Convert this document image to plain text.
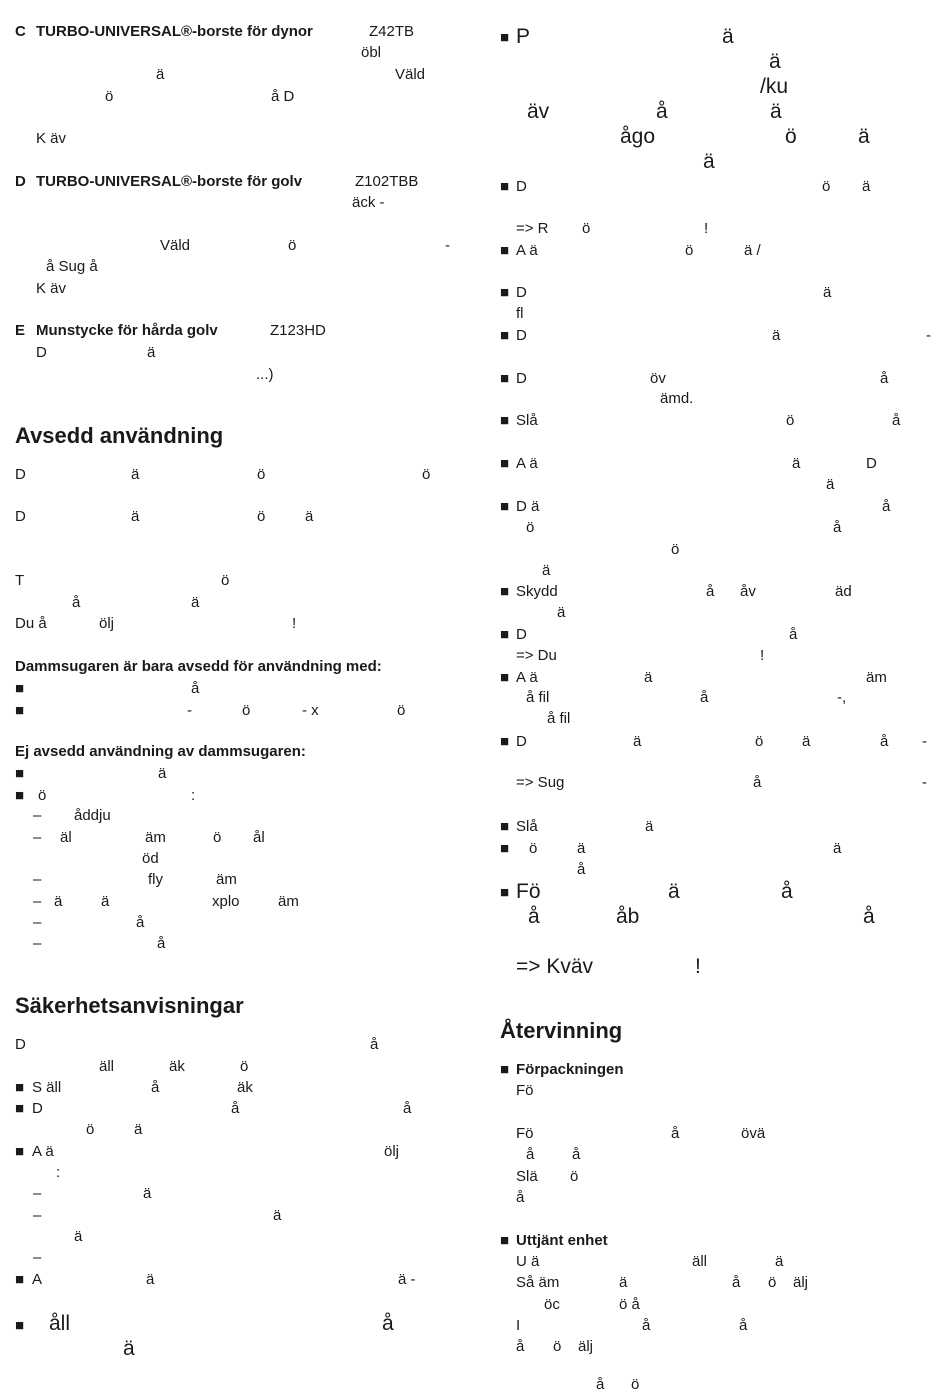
C TURBO-UNIVERSAL®-borste för dynor	Z42TB
öbl
ä	Väld
ö	å D
K äv
D TURBO-UNIVERSAL®-borste för golv	Z102TBB
äck -
Väld	ö	-
å Sug å
K äv
E Munstycke för hårda golv	Z123HD
D	ä
...)
Avsedd användning
D	ä	ö	ö
D	ä	ö	ä
T	ö
å	ä
Du å	ölj	!
Dammsugaren är bara avsedd för användning med:
■	å
■	-	ö	- x	ö
Ej avsedd användning av dammsugaren:
■	ä
■ ö	:
– åddju
– äl	äm	ö ål
öd
–	fly	äm
– ä	ä	xplo	äm
–	å
–	å
Säkerhetsanvisningar
D	å
äll	äk	ö
■ S äll	å	äk
■ D	å	å
ö	ä
■ A ä	ölj
:
–	ä
–	ä
ä
–
■ A	ä	ä -
■ åll	å
ä
■ P	ä
ä
/ku
äv	å	ä
ågo	ö	ä
ä
■ D	ö ä
=> R ö	!
■ A ä	ö	ä /
■ D	ä
fl
■ D	ä	-
■ D	öv	å
ämd.
■ Slå	ö	å
■ A ä	ä	D
ä
■ D ä	å
ö	å
ö
ä
■ Skydd	å åv	äd
ä
■ D	å
=> Du	!
■ A ä	ä	äm
å fil	å	-,
å fil
■ D	ä	ö	ä	å -
=> Sug	å	-
■ Slå	ä
■ ö	ä	ä
å
■ Fö	ä	å
å	åb	å
=> Kväv	!
Återvinning
■ Förpackningen
Fö
Fö	å	övä
å	å
Slä ö
å
■ Uttjänt enhet
U ä	äll	ä
Så äm	ä	å ö älj
öc	ö å
I	å	å
å ö älj
å ö
